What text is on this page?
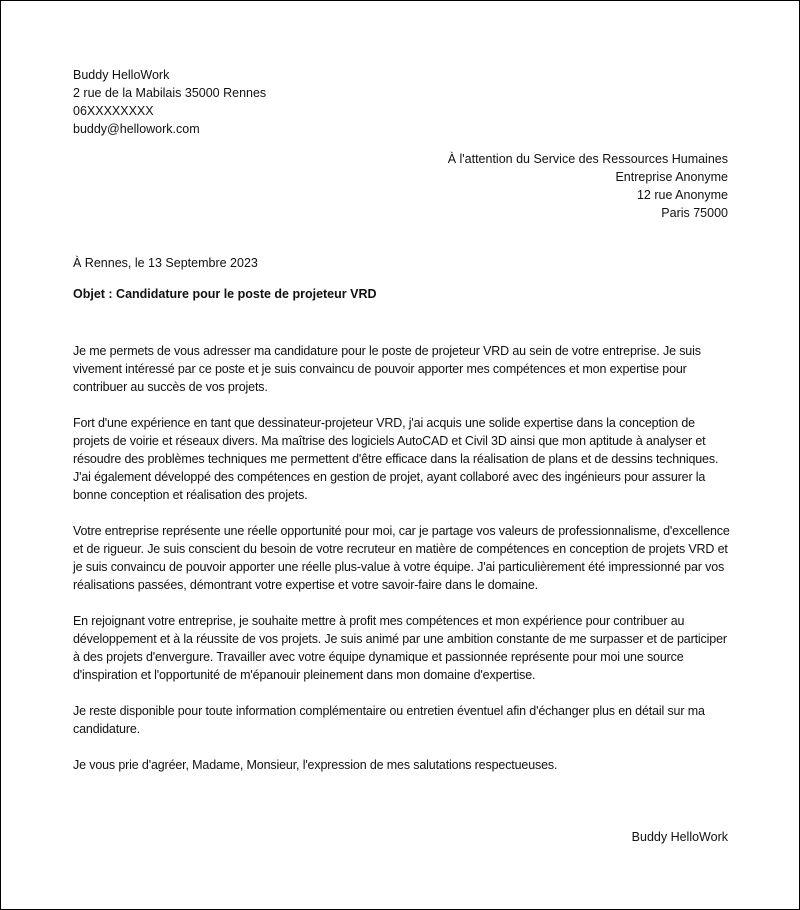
Buddy HelloWork
2 rue de la Mabilais 35000 Rennes
06XXXXXXXX
buddy@hellowork.com
À l'attention du Service des Ressources Humaines
Entreprise Anonyme
12 rue Anonyme
Paris 75000
À Rennes, le 13 Septembre 2023
Objet : Candidature pour le poste de projeteur VRD

Je me permets de vous adresser ma candidature pour le poste de projeteur VRD au sein de votre entreprise. Je suis vivement intéressé par ce poste et je suis convaincu de pouvoir apporter mes compétences et mon expertise pour contribuer au succès de vos projets.

Fort d'une expérience en tant que dessinateur-projeteur VRD, j'ai acquis une solide expertise dans la conception de projets de voirie et réseaux divers. Ma maîtrise des logiciels AutoCAD et Civil 3D ainsi que mon aptitude à analyser et résoudre des problèmes techniques me permettent d'être efficace dans la réalisation de plans et de dessins techniques. J'ai également développé des compétences en gestion de projet, ayant collaboré avec des ingénieurs pour assurer la bonne conception et réalisation des projets.

Votre entreprise représente une réelle opportunité pour moi, car je partage vos valeurs de professionnalisme, d'excellence et de rigueur. Je suis conscient du besoin de votre recruteur en matière de compétences en conception de projets VRD et je suis convaincu de pouvoir apporter une réelle plus-value à votre équipe. J'ai particulièrement été impressionné par vos réalisations passées, démontrant votre expertise et votre savoir-faire dans le domaine.

En rejoignant votre entreprise, je souhaite mettre à profit mes compétences et mon expérience pour contribuer au développement et à la réussite de vos projets. Je suis animé par une ambition constante de me surpasser et de participer à des projets d'envergure. Travailler avec votre équipe dynamique et passionnée représente pour moi une source d'inspiration et l'opportunité de m'épanouir pleinement dans mon domaine d'expertise.

Je reste disponible pour toute information complémentaire ou entretien éventuel afin d'échanger plus en détail sur ma candidature.

Je vous prie d'agréer, Madame, Monsieur, l'expression de mes salutations respectueuses.

Buddy HelloWork
